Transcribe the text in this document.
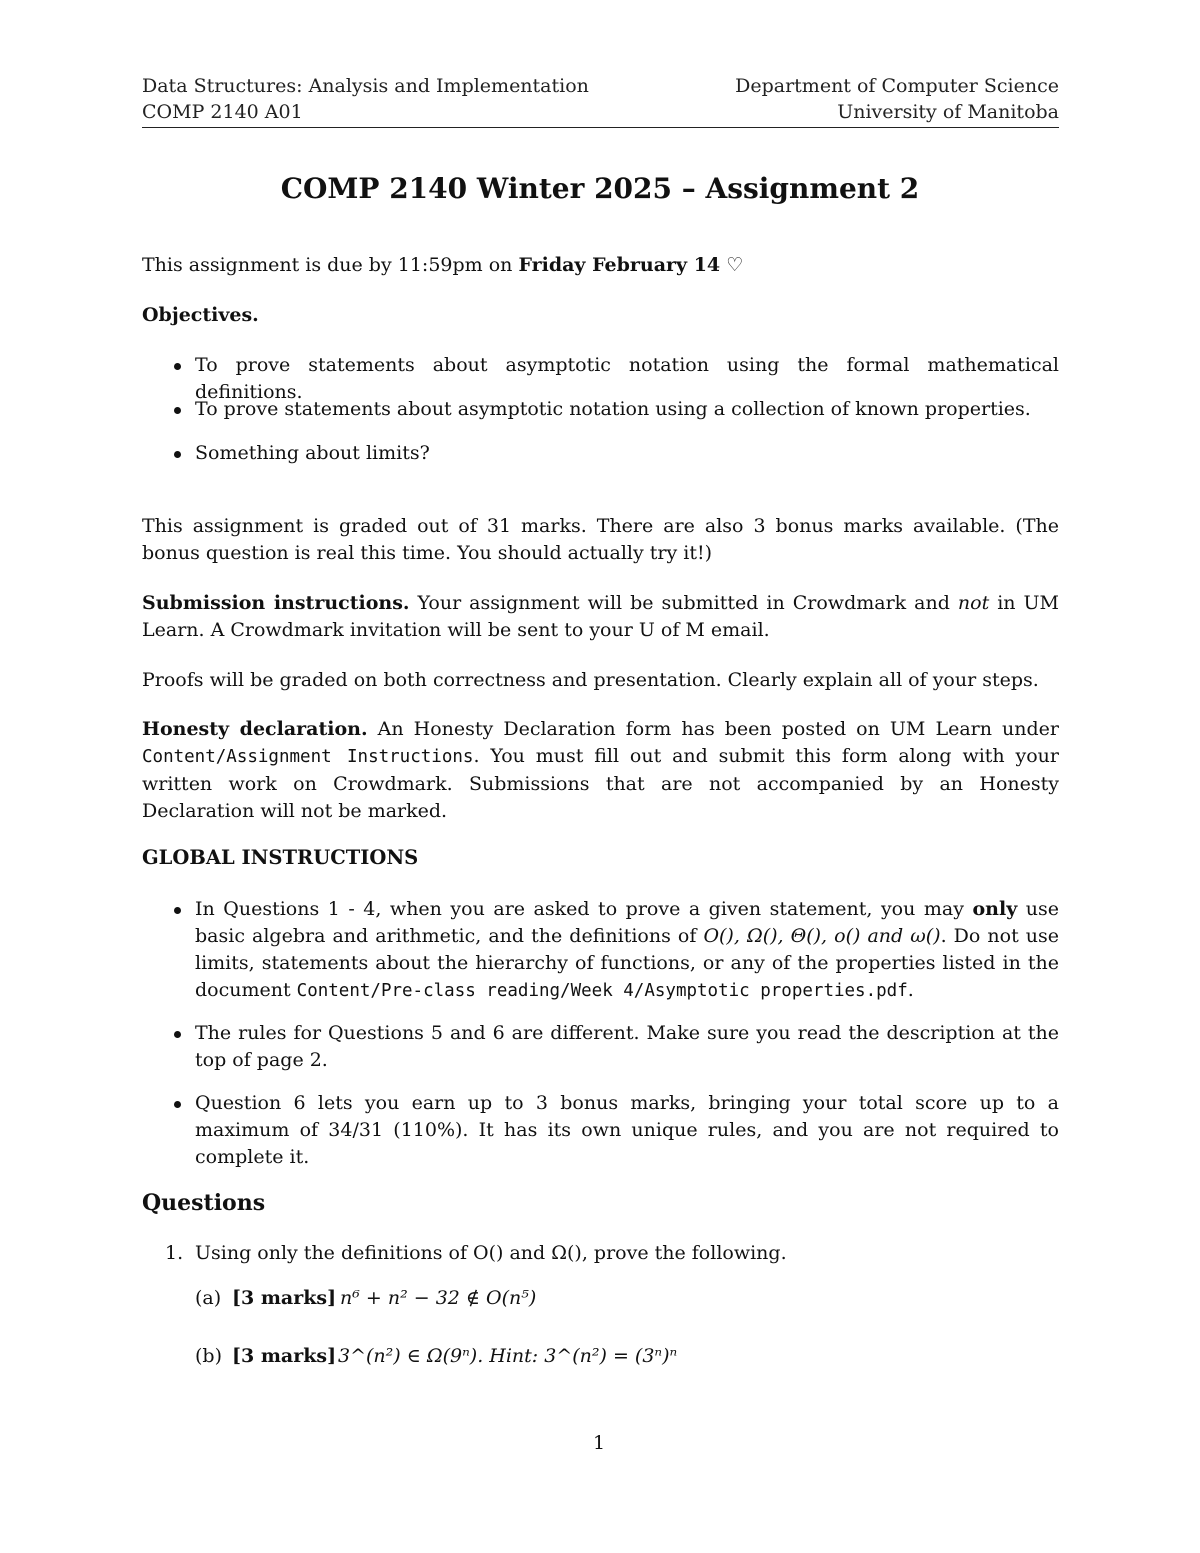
Data Structures: Analysis and Implementation
COMP 2140 A01
Department of Computer Science
University of Manitoba
COMP 2140 Winter 2025 – Assignment 2
This assignment is due by 11:59pm on Friday February 14 ♡
Objectives.
To prove statements about asymptotic notation using the formal mathematical definitions.
To prove statements about asymptotic notation using a collection of known properties.
Something about limits?
This assignment is graded out of 31 marks. There are also 3 bonus marks available. (The bonus question is real this time. You should actually try it!)
Submission instructions. Your assignment will be submitted in Crowdmark and not in UM Learn. A Crowdmark invitation will be sent to your U of M email.
Proofs will be graded on both correctness and presentation. Clearly explain all of your steps.
Honesty declaration. An Honesty Declaration form has been posted on UM Learn under Content/Assignment Instructions. You must fill out and submit this form along with your written work on Crowdmark. Submissions that are not accompanied by an Honesty Declaration will not be marked.
GLOBAL INSTRUCTIONS
In Questions 1 - 4, when you are asked to prove a given statement, you may only use basic algebra and arithmetic, and the definitions of O(), Ω(), Θ(), o() and ω(). Do not use limits, statements about the hierarchy of functions, or any of the properties listed in the document Content/Pre-class reading/Week 4/Asymptotic properties.pdf.
The rules for Questions 5 and 6 are different. Make sure you read the description at the top of page 2.
Question 6 lets you earn up to 3 bonus marks, bringing your total score up to a maximum of 34/31 (110%). It has its own unique rules, and you are not required to complete it.
Questions
1. Using only the definitions of O() and Ω(), prove the following.
(a) [3 marks] n⁶ + n² − 32 ∉ O(n⁵)
(b) [3 marks] 3^(n²) ∈ Ω(9ⁿ). Hint: 3^(n²) = (3ⁿ)ⁿ
1
